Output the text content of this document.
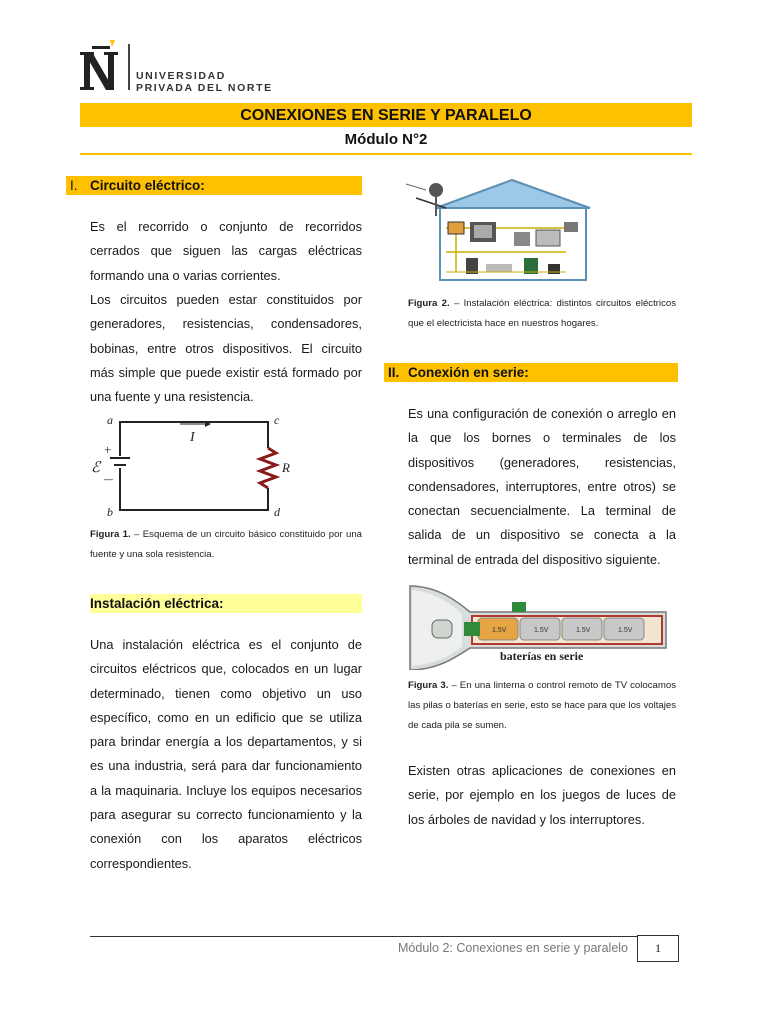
UNIVERSIDAD
PRIVADA DEL NORTE
CONEXIONES EN SERIE Y PARALELO
Módulo N°2
I. Circuito eléctrico:
Es el recorrido o conjunto de recorridos cerrados que siguen las cargas eléctricas formando una o varias corrientes.
Los circuitos pueden estar constituidos por generadores, resistencias, condensadores, bobinas, entre otros dispositivos. El circuito más simple que puede existir está formado por una fuente y una resistencia.
a
b
c
d
I
+
—
ℰ	R
Figura 1. – Esquema de un circuito básico constituido por una fuente y una sola resistencia.
Instalación eléctrica:
Una instalación eléctrica es el conjunto de circuitos eléctricos que, colocados en un lugar determinado, tienen como objetivo un uso específico, como en un edificio que se utiliza para brindar energía a los departamentos, y si es una industria, será para dar funcionamiento a la maquinaria. Incluye los equipos necesarios para asegurar su correcto funcionamiento y la conexión con los aparatos eléctricos correspondientes.
Figura 2. – Instalación eléctrica: distintos circuitos eléctricos que el electricista hace en nuestros hogares.
II. Conexión en serie:
Es una configuración de conexión o arreglo en la que los bornes o terminales de los dispositivos (generadores, resistencias, condensadores, interruptores, entre otros) se conectan secuencialmente. La terminal de salida de un dispositivo se conecta a la terminal de entrada del dispositivo siguiente.
1.5V	1.5V	1.5V	1.5V
baterías en serie
Figura 3. – En una linterna o control remoto de TV colocamos las pilas o baterías en serie, esto se hace para que los voltajes de cada pila se sumen.
Existen otras aplicaciones de conexiones en serie, por ejemplo en los juegos de luces de los árboles de navidad y los interruptores.
Módulo 2: Conexiones en serie y paralelo	1
